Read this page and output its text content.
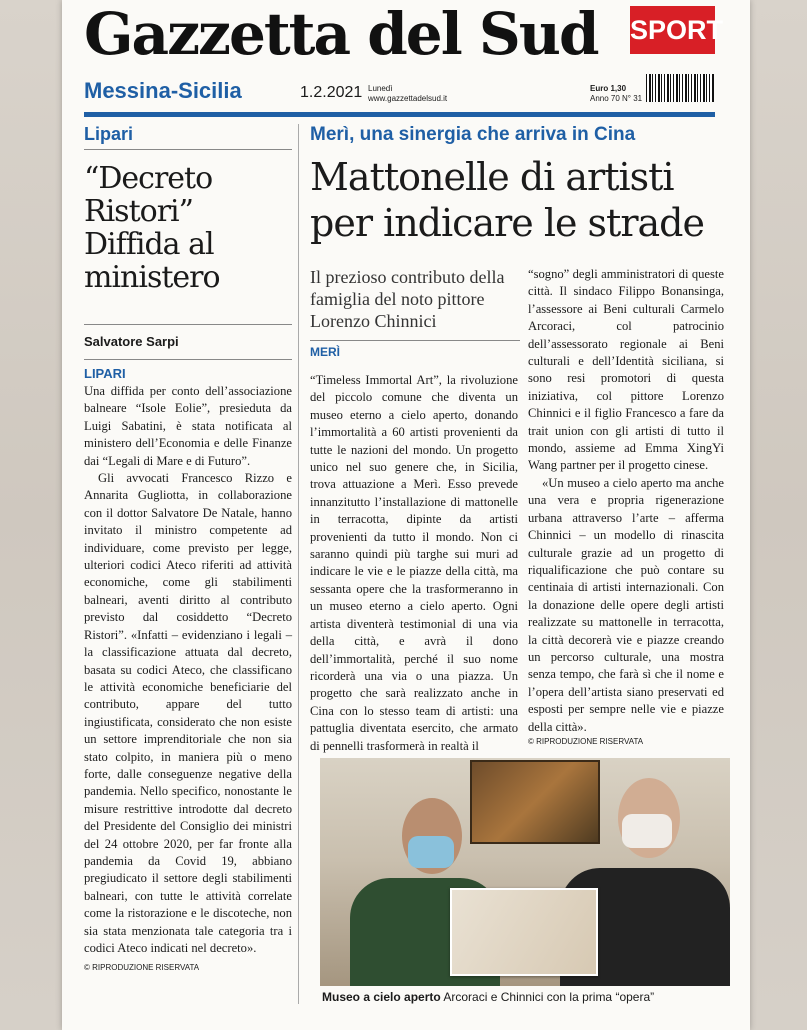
Gazzetta del Sud SPORT
Messina-Sicilia	1.2.2021 Lunedì
www.gazzettadelsud.it
Euro 1,30
Anno 70 N° 31
Lipari
“Decreto Ristori” Diffida al ministero
Salvatore Sarpi
LIPARI

Una diffida per conto dell’associazione balneare “Isole Eolie”, presieduta da Luigi Sabatini, è stata notificata al ministero dell’Economia e delle Finanze dai “Legali di Mare e di Futuro”.

Gli avvocati Francesco Rizzo e Annarita Gugliotta, in collaborazione con il dottor Salvatore De Natale, hanno invitato il ministro competente ad individuare, come previsto per legge, ulteriori codici Ateco riferiti ad attività economiche, come gli stabilimenti balneari, aventi diritto al contributo previsto dal cosiddetto “Decreto Ristori”. «Infatti – evidenziano i legali – la classificazione attuata dal decreto, basata su codici Ateco, che classificano le attività economiche beneficiarie del contributo, appare del tutto ingiustificata, considerato che non esiste un settore imprenditoriale che non sia stato colpito, in maniera più o meno forte, dalle conseguenze negative della pandemia. Nello specifico, nonostante le misure restrittive introdotte dal decreto del Presidente del Consiglio dei ministri del 24 ottobre 2020, per far fronte alla pandemia da Covid 19, abbiano pregiudicato il settore degli stabilimenti balneari, con tutte le attività correlate come la ristorazione e le discoteche, non sia stata menzionata tale categoria tra i codici Ateco indicati nel decreto».

© RIPRODUZIONE RISERVATA
Merì, una sinergia che arriva in Cina
Mattonelle di artisti per indicare le strade
Il prezioso contributo della famiglia del noto pittore Lorenzo Chinnici
MERÌ
“Timeless Immortal Art”, la rivoluzione del piccolo comune che diventa un museo eterno a cielo aperto, donando l’immortalità a 60 artisti provenienti da tutte le nazioni del mondo. Un progetto unico nel suo genere che, in Sicilia, trova attuazione a Merì. Esso prevede innanzitutto l’installazione di mattonelle in terracotta, dipinte da artisti provenienti da tutto il mondo. Non ci saranno quindi più targhe sui muri ad indicare le vie e le piazze della città, ma sessanta opere che la trasformeranno in un museo eterno a cielo aperto. Ogni artista diventerà testimonial di una via della città, e avrà il dono dell’immortalità, perché il suo nome ricorderà una via o una piazza. Un progetto che sarà realizzato anche in Cina con lo stesso team di artisti: una pattuglia diventata esercito, che armato di pennelli trasformerà in realtà il

“sogno” degli amministratori di queste città. Il sindaco Filippo Bonansinga, l’assessore ai Beni culturali Carmelo Arcoraci, col patrocinio dell’assessorato regionale ai Beni culturali e dell’Identità siciliana, si sono resi promotori di questa iniziativa, col pittore Lorenzo Chinnici e il figlio Francesco a fare da trait union con gli artisti di tutto il mondo, assieme ad Emma XingYi Wang partner per il progetto cinese.

«Un museo a cielo aperto ma anche una vera e propria rigenerazione urbana attraverso l’arte – afferma Chinnici – un modello di rinascita culturale grazie ad un progetto di riqualificazione che può contare su centinaia di artisti internazionali. Con la donazione delle opere degli artisti realizzate su mattonelle in terracotta, la città decorerà vie e piazze creando un percorso culturale, una mostra senza tempo, che farà sì che il nome e l’opera dell’artista siano preservati ed esposti per sempre nelle vie e piazze della città».

© RIPRODUZIONE RISERVATA
Museo a cielo aperto Arcoraci e Chinnici con la prima “opera”
